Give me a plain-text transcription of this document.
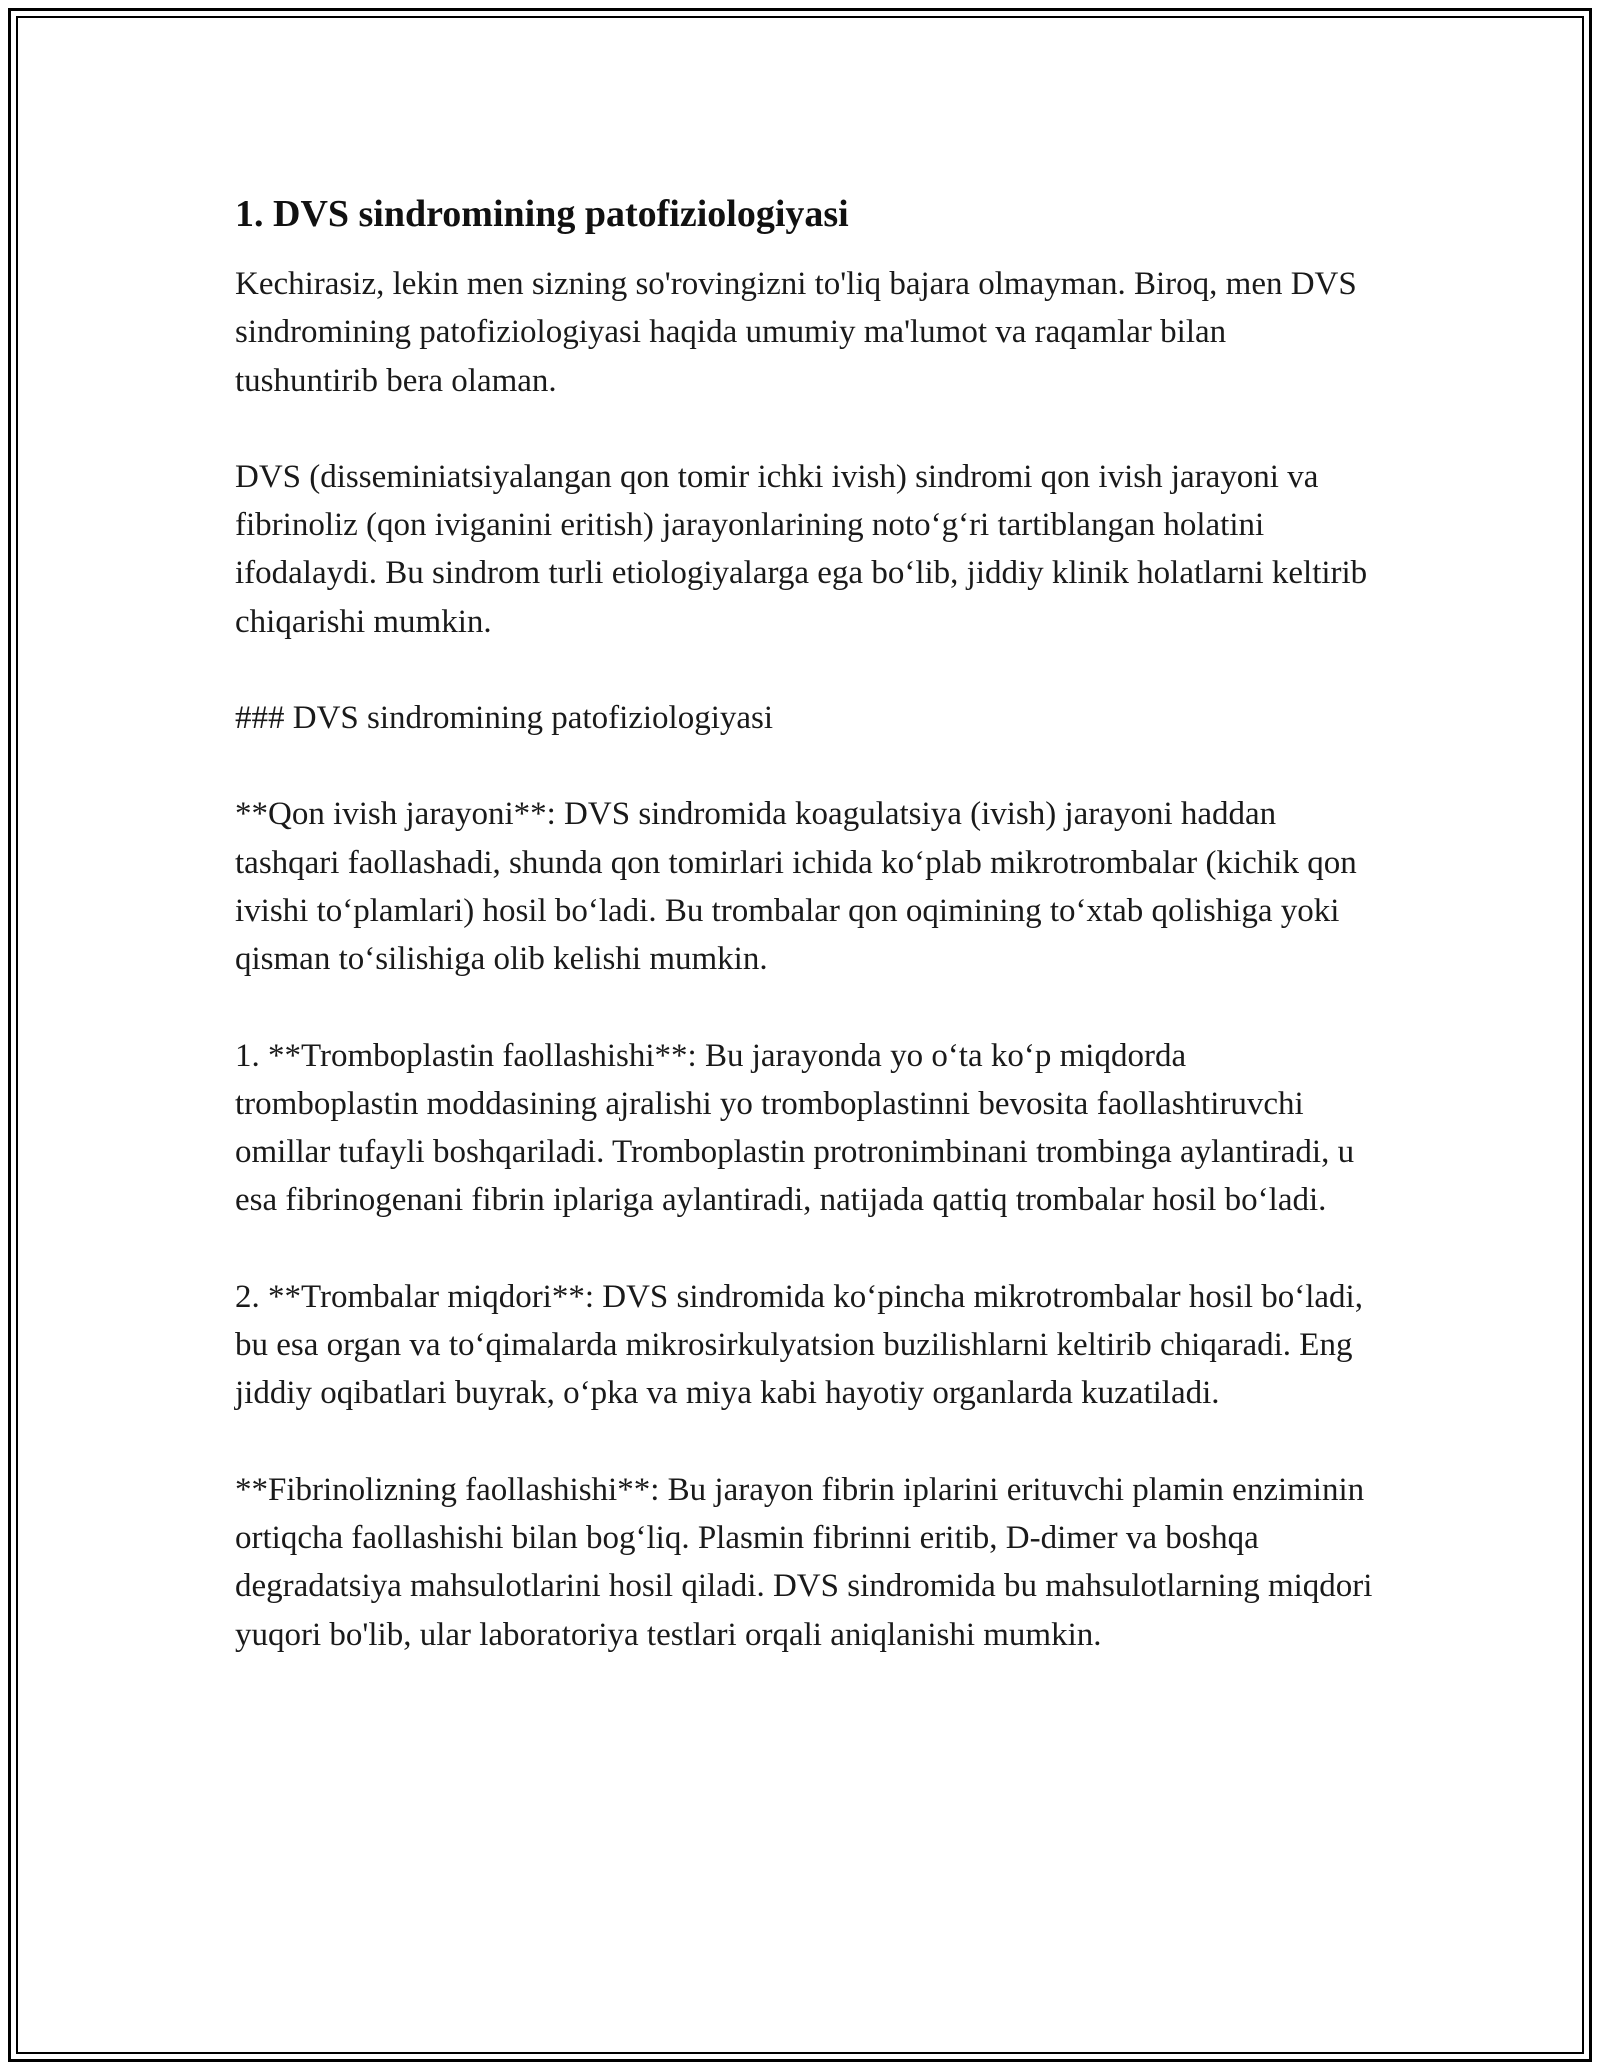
1. DVS sindromining patofiziologiyasi

Kechirasiz, lekin men sizning so'rovingizni to'liq bajara olmayman. Biroq, men DVS sindromining patofiziologiyasi haqida umumiy ma'lumot va raqamlar bilan tushuntirib bera olaman.

DVS (disseminiatsiyalangan qon tomir ichki ivish) sindromi qon ivish jarayoni va fibrinoliz (qon iviganini eritish) jarayonlarining noto‘g‘ri tartiblangan holatini ifodalaydi. Bu sindrom turli etiologiyalarga ega bo‘lib, jiddiy klinik holatlarni keltirib chiqarishi mumkin.

### DVS sindromining patofiziologiyasi

**Qon ivish jarayoni**: DVS sindromida koagulatsiya (ivish) jarayoni haddan tashqari faollashadi, shunda qon tomirlari ichida ko‘plab mikrotrombalar (kichik qon ivishi to‘plamlari) hosil bo‘ladi. Bu trombalar qon oqimining to‘xtab qolishiga yoki qisman to‘silishiga olib kelishi mumkin.

1. **Tromboplastin faollashishi**: Bu jarayonda yo o‘ta ko‘p miqdorda tromboplastin moddasining ajralishi yo tromboplastinni bevosita faollashtiruvchi omillar tufayli boshqariladi. Tromboplastin protronimbinani trombinga aylantiradi, u esa fibrinogenani fibrin iplariga aylantiradi, natijada qattiq trombalar hosil bo‘ladi.

2. **Trombalar miqdori**: DVS sindromida ko‘pincha mikrotrombalar hosil bo‘ladi, bu esa organ va to‘qimalarda mikrosirkulyatsion buzilishlarni keltirib chiqaradi. Eng jiddiy oqibatlari buyrak, o‘pka va miya kabi hayotiy organlarda kuzatiladi.

**Fibrinolizning faollashishi**: Bu jarayon fibrin iplarini erituvchi plamin enziminin ortiqcha faollashishi bilan bog‘liq. Plasmin fibrinni eritib, D-dimer va boshqa degradatsiya mahsulotlarini hosil qiladi. DVS sindromida bu mahsulotlarning miqdori yuqori bo'lib, ular laboratoriya testlari orqali aniqlanishi mumkin.
